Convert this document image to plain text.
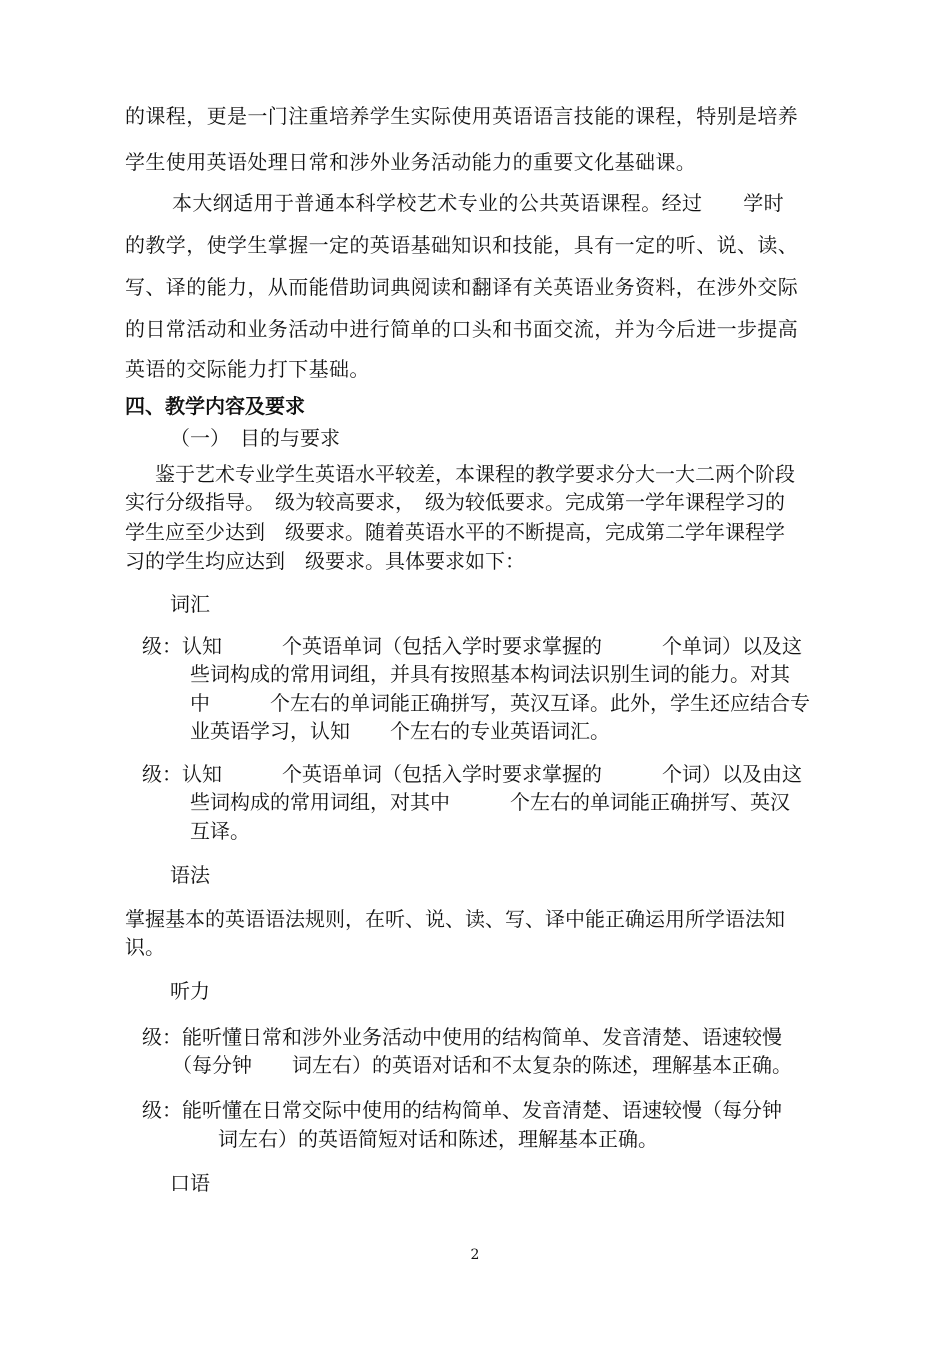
的课程，更是一门注重培养学生实际使用英语语言技能的课程，特别是培养
学生使用英语处理日常和涉外业务活动能力的重要文化基础课。
本大纲适用于普通本科学校艺术专业的公共英语课程。经过　　学时
的教学，使学生掌握一定的英语基础知识和技能，具有一定的听、说、读、
写、译的能力，从而能借助词典阅读和翻译有关英语业务资料，在涉外交际
的日常活动和业务活动中进行简单的口头和书面交流，并为今后进一步提高
英语的交际能力打下基础。
四、教学内容及要求
（一）　目的与要求
鉴于艺术专业学生英语水平较差，本课程的教学要求分大一大二两个阶段
实行分级指导。　级为较高要求，　级为较低要求。完成第一学年课程学习的
学生应至少达到　级要求。随着英语水平的不断提高，完成第二学年课程学
习的学生均应达到　级要求。具体要求如下：
词汇
级：认知　　　个英语单词（包括入学时要求掌握的　　　个单词）以及这
些词构成的常用词组，并具有按照基本构词法识别生词的能力。对其
中　　　个左右的单词能正确拼写，英汉互译。此外，学生还应结合专
业英语学习，认知　　个左右的专业英语词汇。
级：认知　　　个英语单词（包括入学时要求掌握的　　　个词）以及由这
些词构成的常用词组，对其中　　　个左右的单词能正确拼写、英汉
互译。
语法
掌握基本的英语语法规则，在听、说、读、写、译中能正确运用所学语法知
识。
听力
级：能听懂日常和涉外业务活动中使用的结构简单、发音清楚、语速较慢
（每分钟　　词左右）的英语对话和不太复杂的陈述，理解基本正确。
级：能听懂在日常交际中使用的结构简单、发音清楚、语速较慢（每分钟
词左右）的英语简短对话和陈述，理解基本正确。
口语
2
